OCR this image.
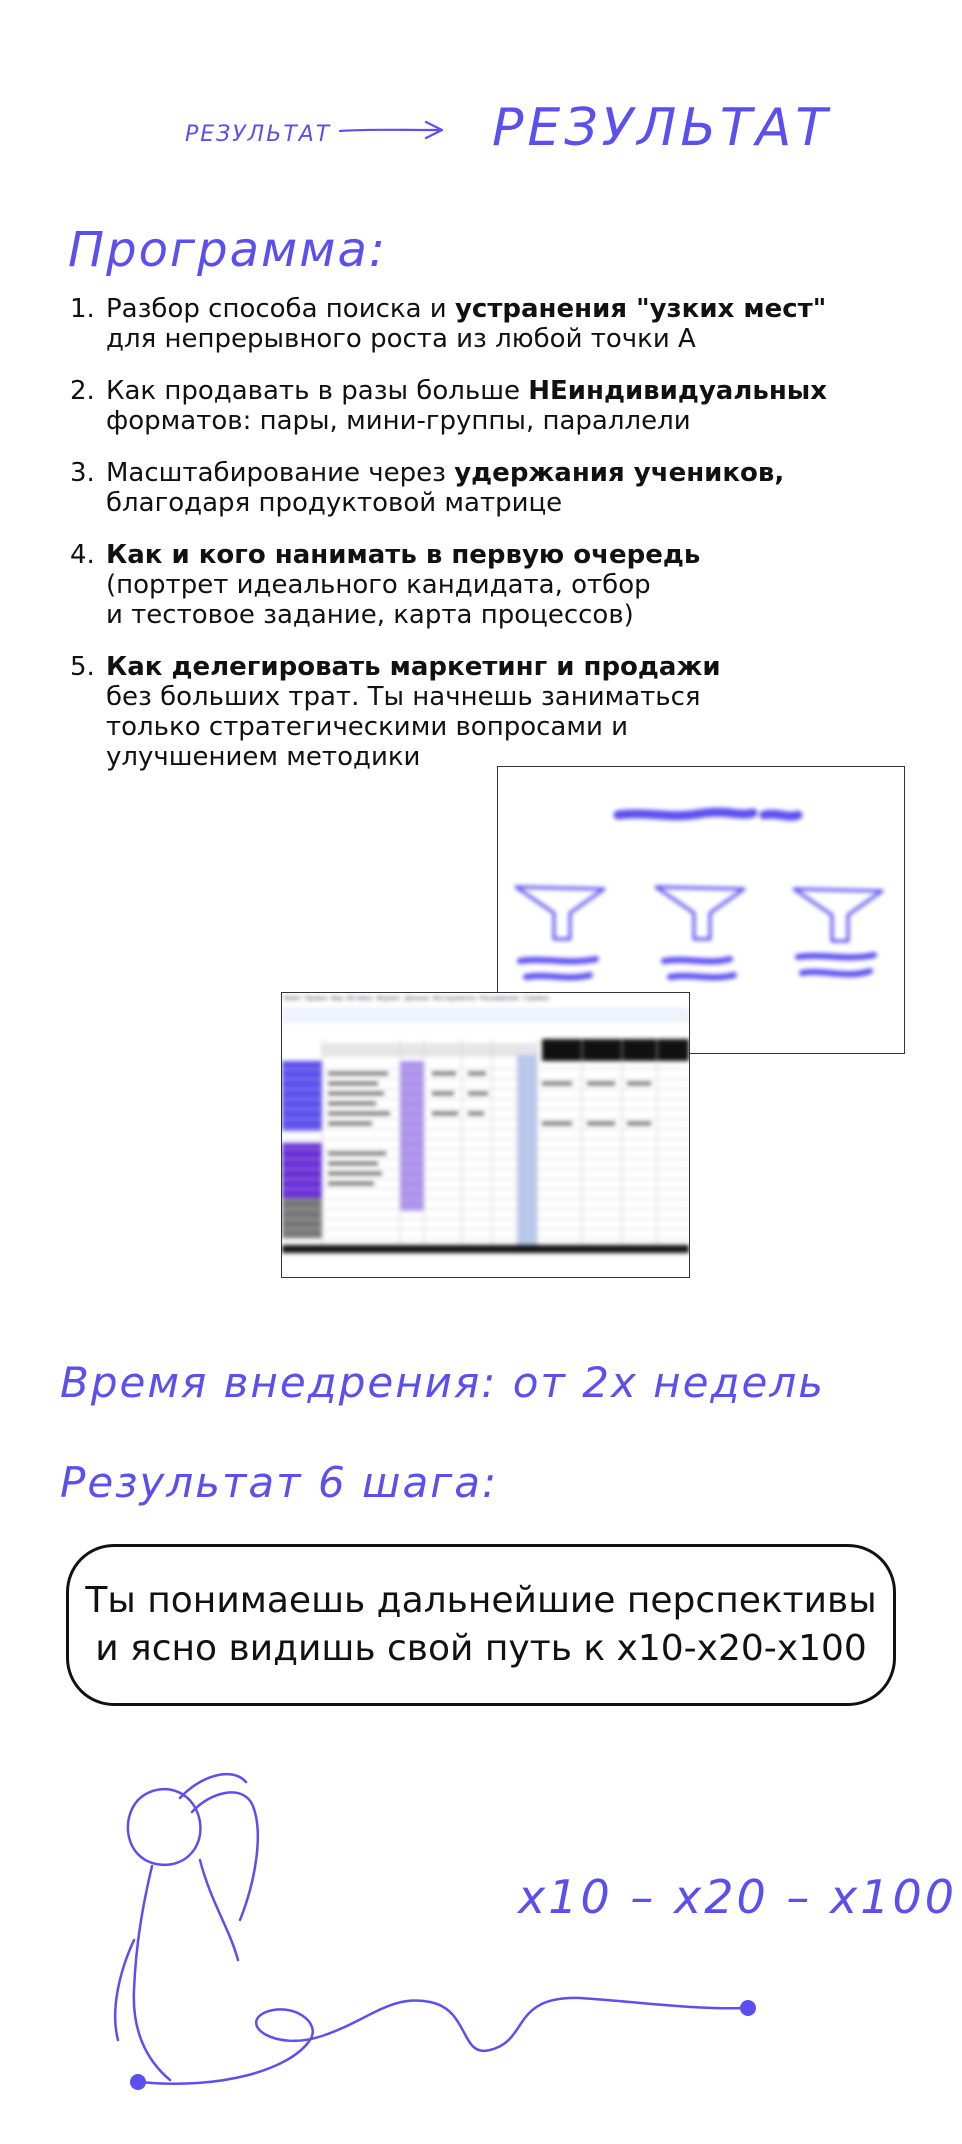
РЕЗУЛЬТАТ	РЕЗУЛЬТАТ

Программа:

1. Разбор способа поиска и устранения "узких мест"
для непрерывного роста из любой точки А
2. Как продавать в разы больше НЕиндивидуальных
форматов: пары, мини-группы, параллели
3. Масштабирование через удержания учеников,
благодаря продуктовой матрице
4. Как и кого нанимать в первую очередь
(портрет идеального кандидата, отбор и тестовое задание, карта процессов)
5. Как делегировать маркетинг и продажи
без больших трат. Ты начнешь заниматься только стратегическими вопросами и улучшением методики
Файл Правка Вид Вставка Формат Данные Инструменты Расширения Справка

Время внедрения: от 2х недель

Результат 6 шага:

Ты понимаешь дальнейшие перспективы
и ясно видишь свой путь к x10-x20-x100

x10 – x20 – x100
